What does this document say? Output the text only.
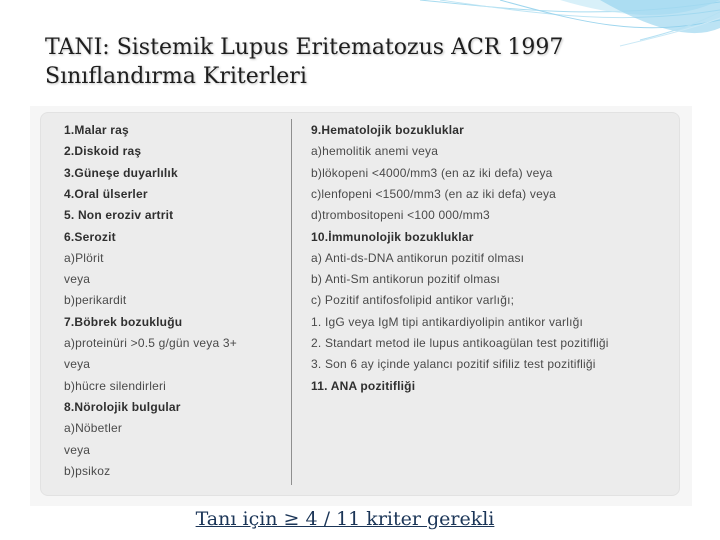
TANI: Sistemik Lupus Eritematozus ACR 1997
Sınıflandırma Kriterleri
1.Malar raş
2.Diskoid raş
3.Güneşe duyarlılık
4.Oral ülserler
5. Non eroziv artrit
6.Serozit
a)Plörit
veya
b)perikardit
7.Böbrek bozukluğu
a)proteinüri >0.5 g/gün veya 3+
veya
b)hücre silendirleri
8.Nörolojik bulgular
a)Nöbetler
veya
b)psikoz
9.Hematolojik bozukluklar
a)hemolitik anemi veya
b)lökopeni <4000/mm3 (en az iki defa) veya
c)lenfopeni <1500/mm3 (en az iki defa) veya
d)trombositopeni <100 000/mm3
10.İmmunolojik bozukluklar
a) Anti-ds-DNA antikorun pozitif olması
b) Anti-Sm antikorun pozitif olması
c) Pozitif antifosfolipid antikor varlığı;
1. IgG veya IgM tipi antikardiyolipin antikor varlığı
2. Standart metod ile lupus antikoagülan test pozitifliği
3. Son 6 ay içinde yalancı pozitif sifiliz test pozitifliği
11. ANA pozitifliği
Tanı için ≥ 4 / 11 kriter gerekli
